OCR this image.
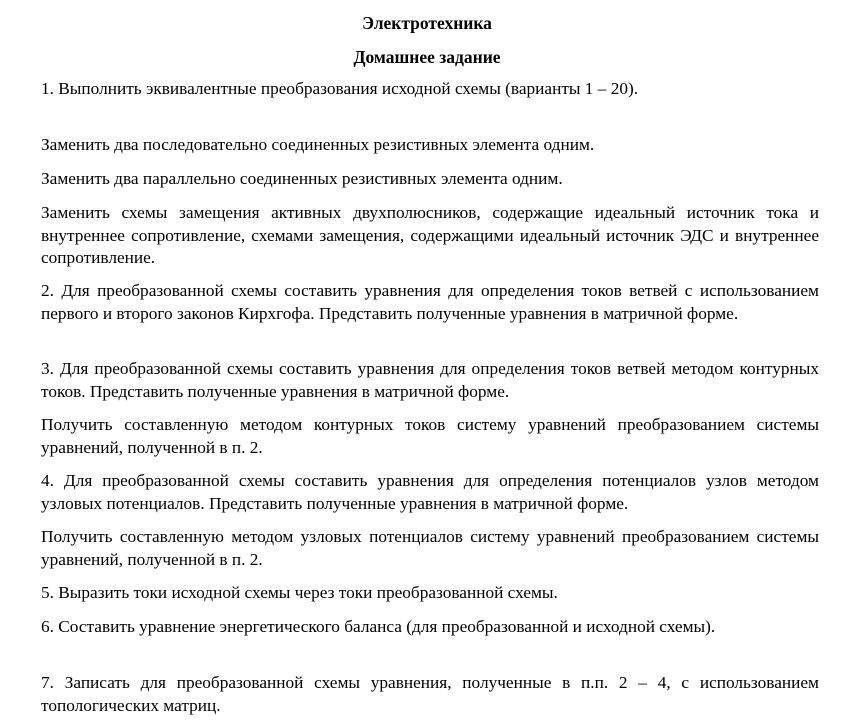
Электротехника
Домашнее задание

1. Выполнить эквивалентные преобразования исходной схемы (варианты 1 – 20).

Заменить два последовательно соединенных резистивных элемента одним.

Заменить два параллельно соединенных резистивных элемента одним.

Заменить схемы замещения активных двухполюсников, содержащие идеальный источник тока и внутреннее сопротивление, схемами замещения, содержащими идеальный источник ЭДС и внутреннее сопротивление.

2. Для преобразованной схемы составить уравнения для определения токов ветвей с использованием первого и второго законов Кирхгофа. Представить полученные уравнения в матричной форме.

3. Для преобразованной схемы составить уравнения для определения токов ветвей методом контурных токов. Представить полученные уравнения в матричной форме.

Получить составленную методом контурных токов систему уравнений преобразованием системы уравнений, полученной в п. 2.

4. Для преобразованной схемы составить уравнения для определения потенциалов узлов методом узловых потенциалов. Представить полученные уравнения в матричной форме.

Получить составленную методом узловых потенциалов систему уравнений преобразованием системы уравнений, полученной в п. 2.

5. Выразить токи исходной схемы через токи преобразованной схемы.

6. Составить уравнение энергетического баланса (для преобразованной и исходной схемы).

7. Записать для преобразованной схемы уравнения, полученные в п.п. 2 – 4, с использованием топологических матриц.
